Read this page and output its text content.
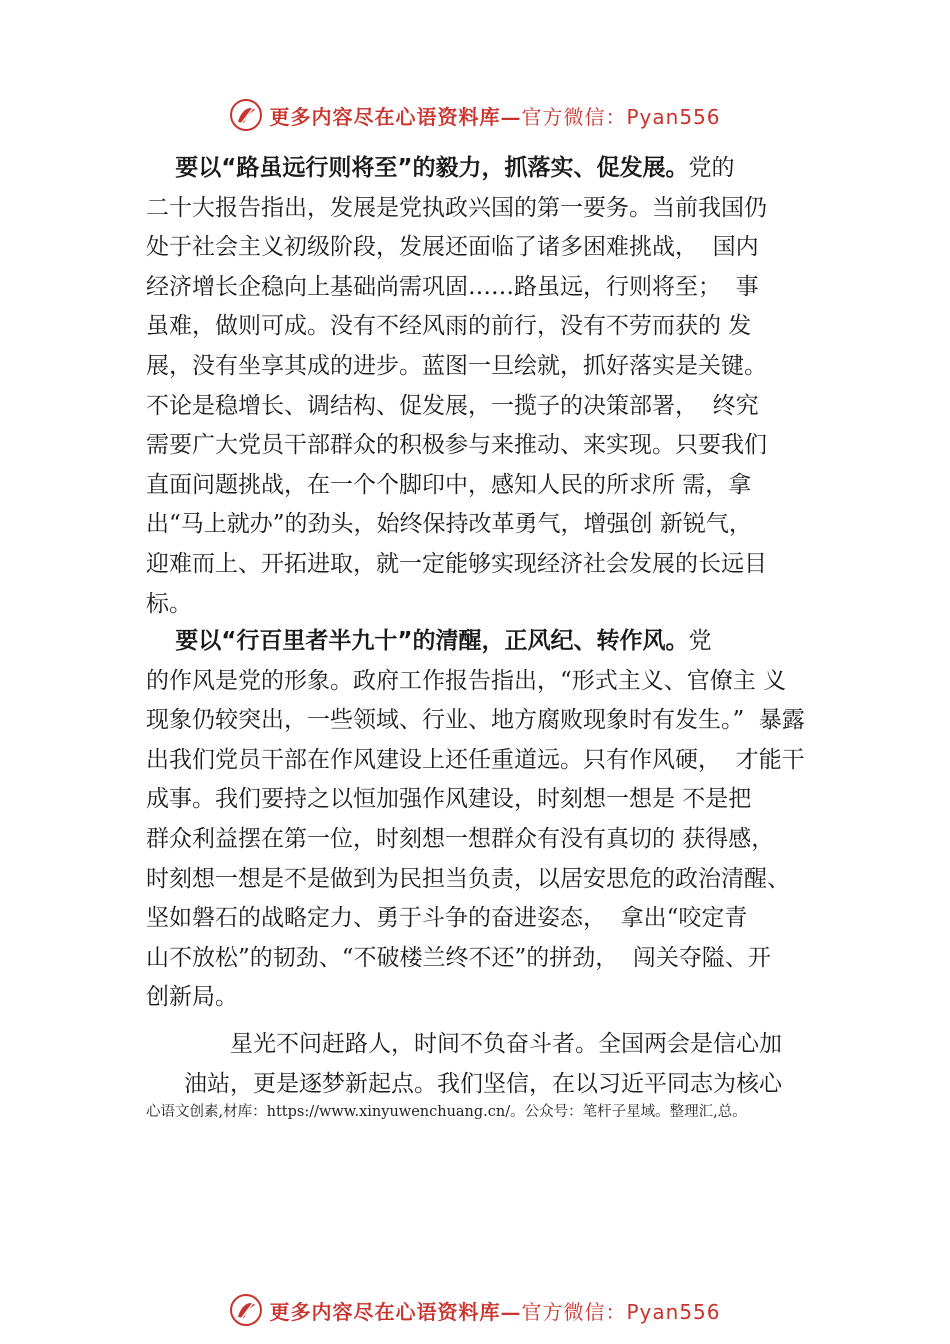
更多内容尽在心语资料库—官方微信：Pyan556

要以“路虽远行则将至”的毅力，抓落实、促发展。党的

二十大报告指出，发展是党执政兴国的第一要务。当前我国仍

处于社会主义初级阶段，发展还面临了诸多困难挑战，  国内

经济增长企稳向上基础尚需巩固……路虽远，行则将至；  事

虽难，做则可成。没有不经风雨的前行，没有不劳而获的 发

展，没有坐享其成的进步。蓝图一旦绘就，抓好落实是关键。

不论是稳增长、调结构、促发展，一揽子的决策部署，  终究

需要广大党员干部群众的积极参与来推动、来实现。只要我们

直面问题挑战，在一个个脚印中，感知人民的所求所 需，拿

出“马上就办”的劲头，始终保持改革勇气，增强创 新锐气，

迎难而上、开拓进取，就一定能够实现经济社会发展的长远目

标。

要以“行百里者半九十”的清醒，正风纪、转作风。党

的作风是党的形象。政府工作报告指出，“形式主义、官僚主 义

现象仍较突出，一些领域、行业、地方腐败现象时有发生。”  暴露

出我们党员干部在作风建设上还任重道远。只有作风硬，  才能干

成事。我们要持之以恒加强作风建设，时刻想一想是 不是把

群众利益摆在第一位，时刻想一想群众有没有真切的 获得感，

时刻想一想是不是做到为民担当负责，以居安思危的政治清醒、

坚如磐石的战略定力、勇于斗争的奋进姿态，  拿出“咬定青

山不放松”的韧劲、“不破楼兰终不还”的拼劲，  闯关夺隘、开

创新局。

星光不问赶路人，时间不负奋斗者。全国两会是信心加

油站，更是逐梦新起点。我们坚信，在以习近平同志为核心

心语文创素,材库：https://www.xinyuwenchuang.cn/。公众号：笔杆子星域。整理汇,总。
更多内容尽在心语资料库—官方微信：Pyan556
